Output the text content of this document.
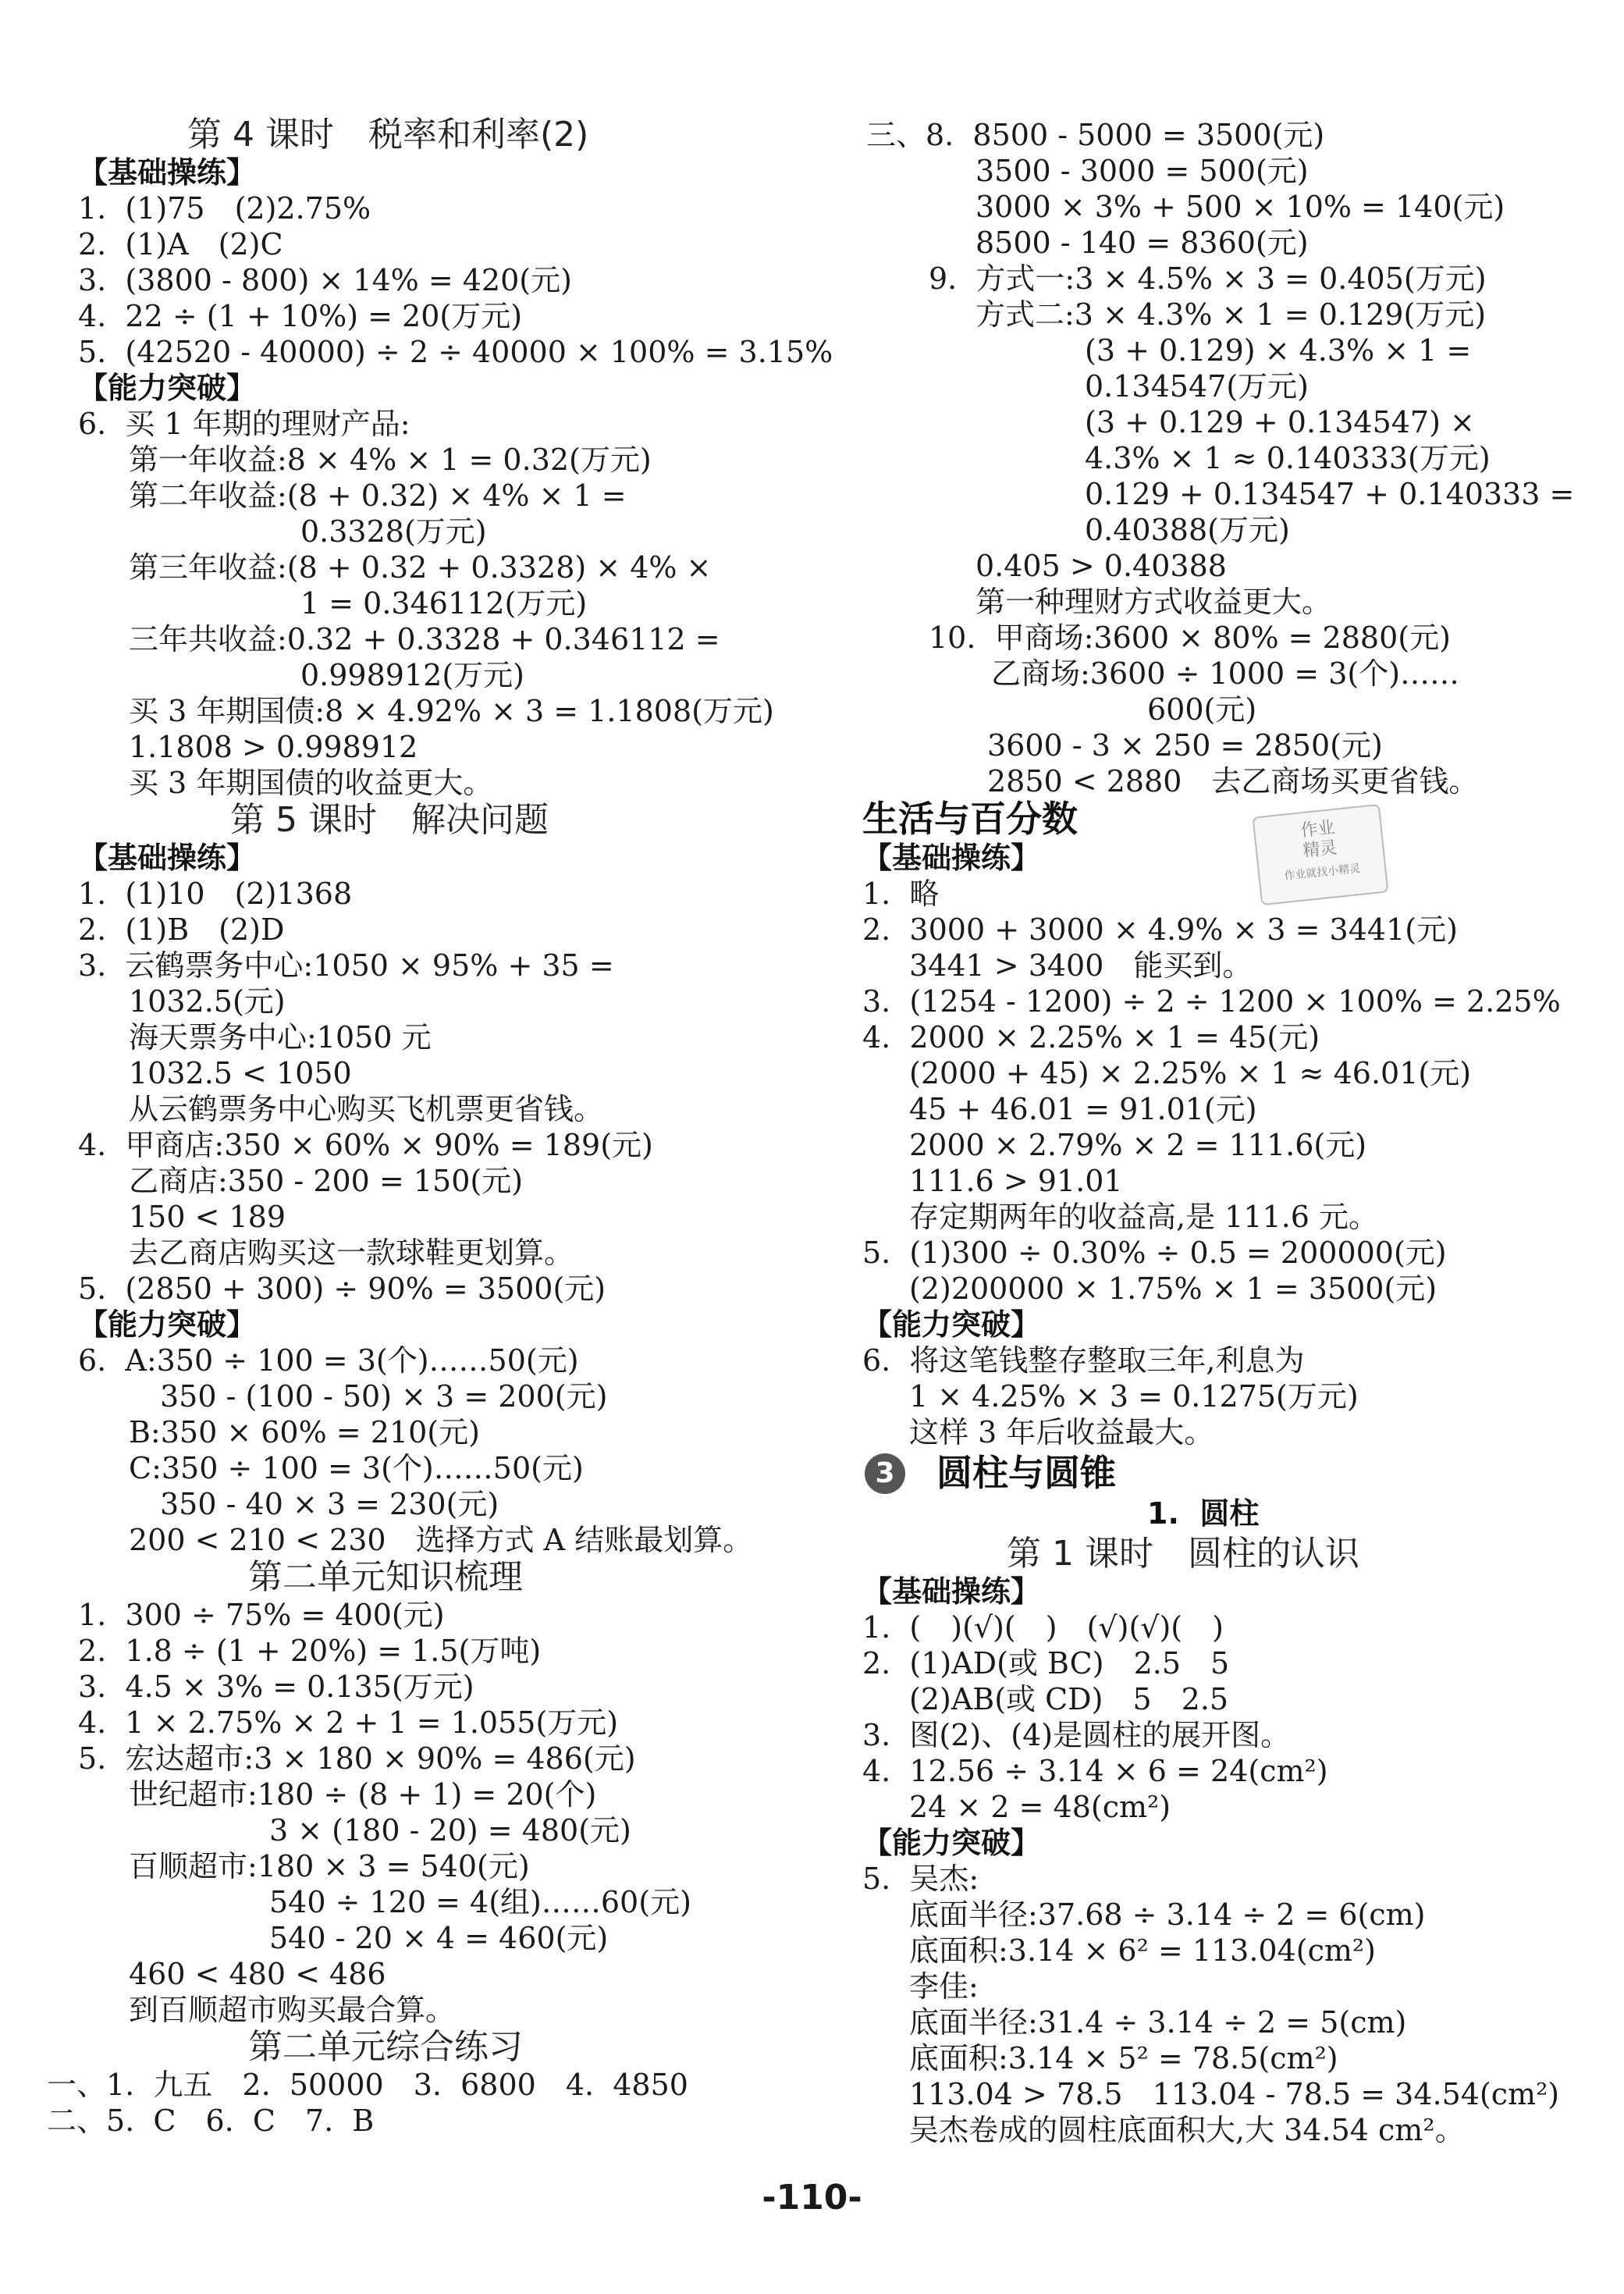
第 4 课时　税率和利率(2)
【基础操练】
1.  (1)75　(2)2.75%
2.  (1)A　(2)C
3.  (3800 - 800) × 14% = 420(元)
4.  22 ÷ (1 + 10%) = 20(万元)
5.  (42520 - 40000) ÷ 2 ÷ 40000 × 100% = 3.15%
【能力突破】
6.  买 1 年期的理财产品:
第一年收益:8 × 4% × 1 = 0.32(万元)
第二年收益:(8 + 0.32) × 4% × 1 =
0.3328(万元)
第三年收益:(8 + 0.32 + 0.3328) × 4% ×
1 = 0.346112(万元)
三年共收益:0.32 + 0.3328 + 0.346112 =
0.998912(万元)
买 3 年期国债:8 × 4.92% × 3 = 1.1808(万元)
1.1808 > 0.998912
买 3 年期国债的收益更大。
第 5 课时　解决问题
【基础操练】
1.  (1)10　(2)1368
2.  (1)B　(2)D
3.  云鹤票务中心:1050 × 95% + 35 =
1032.5(元)
海天票务中心:1050 元
1032.5 < 1050
从云鹤票务中心购买飞机票更省钱。
4.  甲商店:350 × 60% × 90% = 189(元)
乙商店:350 - 200 = 150(元)
150 < 189
去乙商店购买这一款球鞋更划算。
5.  (2850 + 300) ÷ 90% = 3500(元)
【能力突破】
6.  A:350 ÷ 100 = 3(个)……50(元)
350 - (100 - 50) × 3 = 200(元)
B:350 × 60% = 210(元)
C:350 ÷ 100 = 3(个)……50(元)
350 - 40 × 3 = 230(元)
200 < 210 < 230　选择方式 A 结账最划算。
第二单元知识梳理
1.  300 ÷ 75% = 400(元)
2.  1.8 ÷ (1 + 20%) = 1.5(万吨)
3.  4.5 × 3% = 0.135(万元)
4.  1 × 2.75% × 2 + 1 = 1.055(万元)
5.  宏达超市:3 × 180 × 90% = 486(元)
世纪超市:180 ÷ (8 + 1) = 20(个)
3 × (180 - 20) = 480(元)
百顺超市:180 × 3 = 540(元)
540 ÷ 120 = 4(组)……60(元)
540 - 20 × 4 = 460(元)
460 < 480 < 486
到百顺超市购买最合算。
第二单元综合练习
一、1.  九五　2.  50000　3.  6800　4.  4850
二、5.  C　6.  C　7.  B
三、8.  8500 - 5000 = 3500(元)
3500 - 3000 = 500(元)
3000 × 3% + 500 × 10% = 140(元)
8500 - 140 = 8360(元)
9.  方式一:3 × 4.5% × 3 = 0.405(万元)
方式二:3 × 4.3% × 1 = 0.129(万元)
(3 + 0.129) × 4.3% × 1 =
0.134547(万元)
(3 + 0.129 + 0.134547) ×
4.3% × 1 ≈ 0.140333(万元)
0.129 + 0.134547 + 0.140333 =
0.40388(万元)
0.405 > 0.40388
第一种理财方式收益更大。
10.  甲商场:3600 × 80% = 2880(元)
乙商场:3600 ÷ 1000 = 3(个)……
600(元)
3600 - 3 × 250 = 2850(元)
2850 < 2880　去乙商场买更省钱。
生活与百分数	作业
精灵
作业就找小精灵
【基础操练】
1.  略
2.  3000 + 3000 × 4.9% × 3 = 3441(元)
3441 > 3400　能买到。
3.  (1254 - 1200) ÷ 2 ÷ 1200 × 100% = 2.25%
4.  2000 × 2.25% × 1 = 45(元)
(2000 + 45) × 2.25% × 1 ≈ 46.01(元)
45 + 46.01 = 91.01(元)
2000 × 2.79% × 2 = 111.6(元)
111.6 > 91.01
存定期两年的收益高,是 111.6 元。
5.  (1)300 ÷ 0.30% ÷ 0.5 = 200000(元)
(2)200000 × 1.75% × 1 = 3500(元)
【能力突破】
6.  将这笔钱整存整取三年,利息为
1 × 4.25% × 3 = 0.1275(万元)
这样 3 年后收益最大。
3 圆柱与圆锥
1.  圆柱
第 1 课时　圆柱的认识
【基础操练】
1.  (　)(√)(　)　(√)(√)(　)
2.  (1)AD(或 BC)　2.5　5
(2)AB(或 CD)　5　2.5
3.  图(2)、(4)是圆柱的展开图。
4.  12.56 ÷ 3.14 × 6 = 24(cm²)
24 × 2 = 48(cm²)
【能力突破】
5.  吴杰:
底面半径:37.68 ÷ 3.14 ÷ 2 = 6(cm)
底面积:3.14 × 6² = 113.04(cm²)
李佳:
底面半径:31.4 ÷ 3.14 ÷ 2 = 5(cm)
底面积:3.14 × 5² = 78.5(cm²)
113.04 > 78.5　113.04 - 78.5 = 34.54(cm²)
吴杰卷成的圆柱底面积大,大 34.54 cm²。
-110-
